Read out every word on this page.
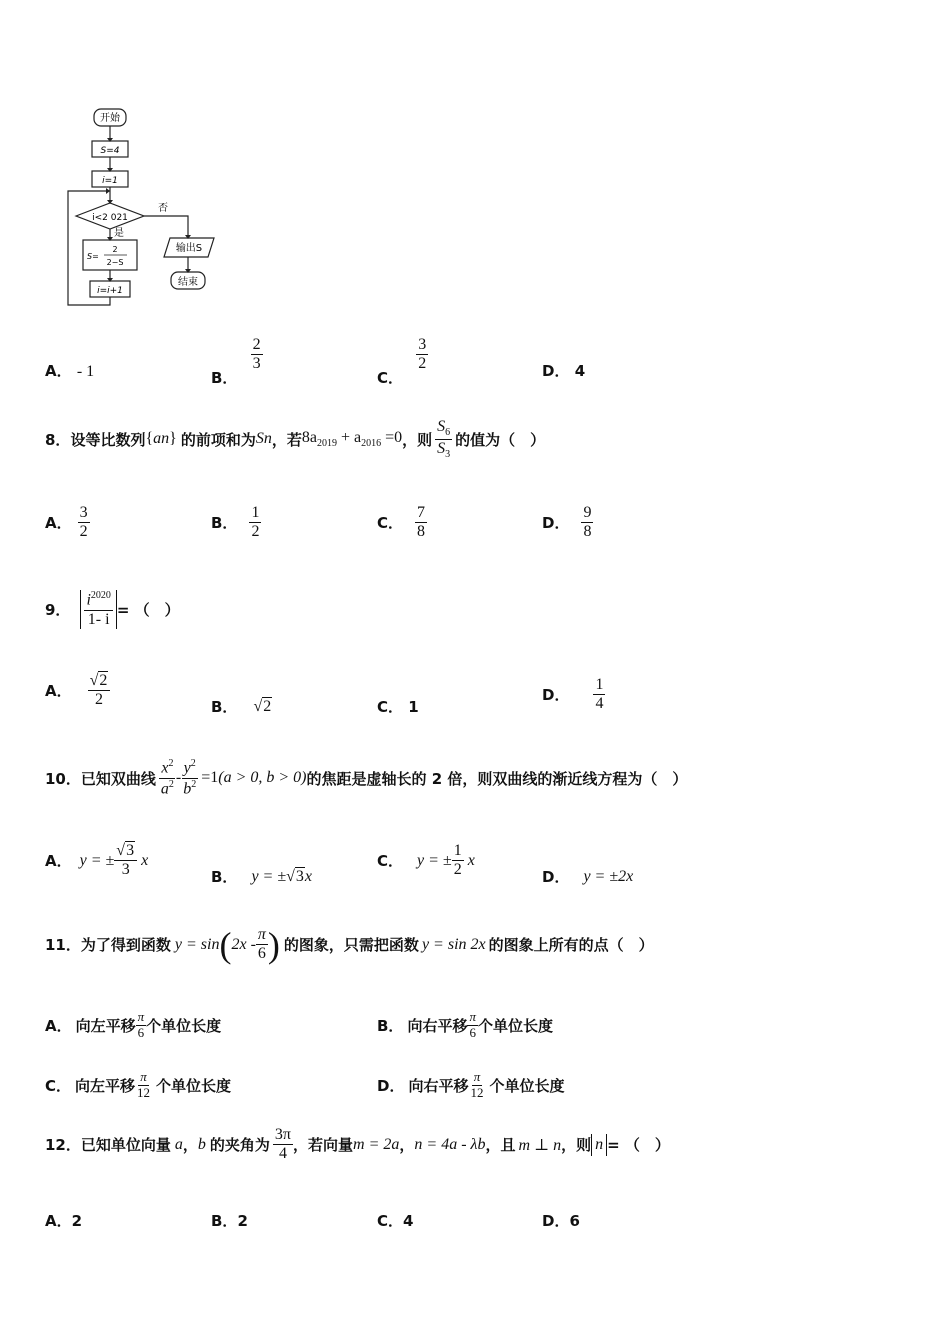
开始
S=4
i=1
i<2 021
否
是
S=
2
2−S
i=i+1
输出S
结束
A． - 1	B．
$\frac{2}{3}$
C．
$\frac{3}{2}$	D． 4
8． 设等比数列 { a n } 的前项和为 S n ，若 $8a_{2019} + a_{2016} =0$ ，则 $\frac{S_6}{S_3}$ 的值为（　）
A． $\frac{3}{2}$	B． $\frac{1}{2}$	C． $\frac{7}{8}$	D． $\frac{9}{8}$
9． $\frac{i^{2020}}{1- i}$ = （　）
A． $\frac{√2}{2}$	B． √2	C． 1
D． $\frac{1}{4}$
10． 已知双曲线 $\frac{x^2}{a^2} - \frac{y^2}{b^2} =1$ (a > 0, b > 0) 的焦距是虚轴长的 2 倍，则双曲线的渐近线方程为（　）
A． y = ± $\frac{√3}{3}$ x
B． y = ± √3 x
C． y = ± $\frac{1}{2}$ x
D． y = ±2x
11． 为了得到函数 y = sin ( $2x - \frac{\pi}{6}$ ) 的图象，只需把函数 y = sin 2x 的图象上所有的点（　）
A． 向左平移 $\frac{\pi}{6}$ 个单位长度	B． 向右平移 $\frac{\pi}{6}$ 个单位长度
C． 向左平移 $\frac{\pi}{12}$ 个单位长度	D． 向右平移 $\frac{\pi}{12}$ 个单位长度
12． 已知单位向量 a ， b 的夹角为 $\frac{3\pi}{4}$ ，若向量 m = 2a ， n = 4a - λb ，且 m ⊥ n ，则 n = （　）
A．2	B．2	C．4	D．6
